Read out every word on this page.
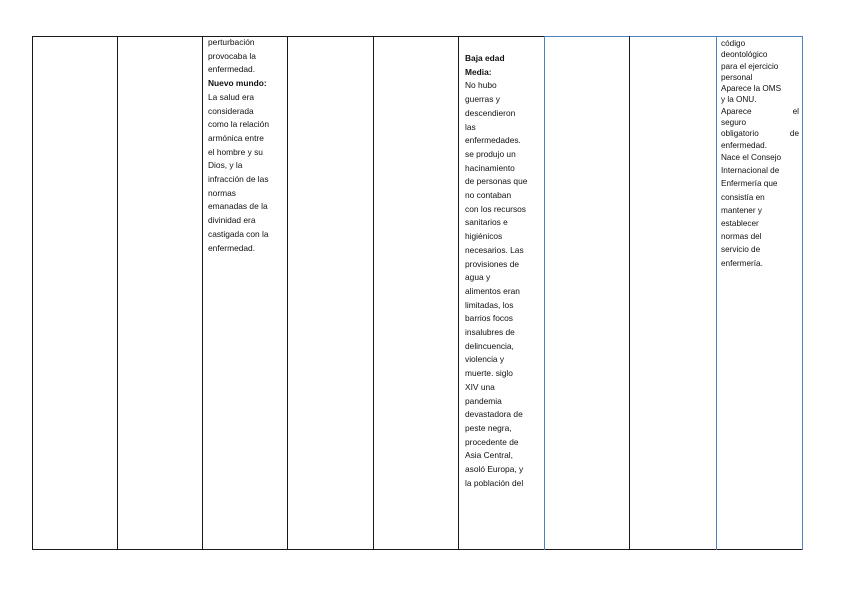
perturbación
provocaba la
enfermedad.
Nuevo mundo:
La salud era
considerada
como la relación
armónica entre
el hombre y su
Dios, y la
infracción de las
normas
emanadas de la
divinidad era
castigada con la
enfermedad.
Baja edad
Media:
No hubo
guerras y
descendieron
las
enfermedades.
se produjo un
hacinamiento
de personas que
no contaban
con los recursos
sanitarios e
higiénicos
necesarios. Las
provisiones de
agua y
alimentos eran
limitadas, los
barrios focos
insalubres de
delincuencia,
violencia y
muerte. siglo
XIV una
pandemia
devastadora de
peste negra,
procedente de
Asia Central,
asoló Europa, y
la población del
código
deontológico
para el ejercicio
personal
Aparece la OMS
y la ONU.
Aparece	el
seguro
obligatorio	de
enfermedad.
Nace el Consejo
Internacional de
Enfermería que
consistía en
mantener y
establecer
normas del
servicio de
enfermería.
